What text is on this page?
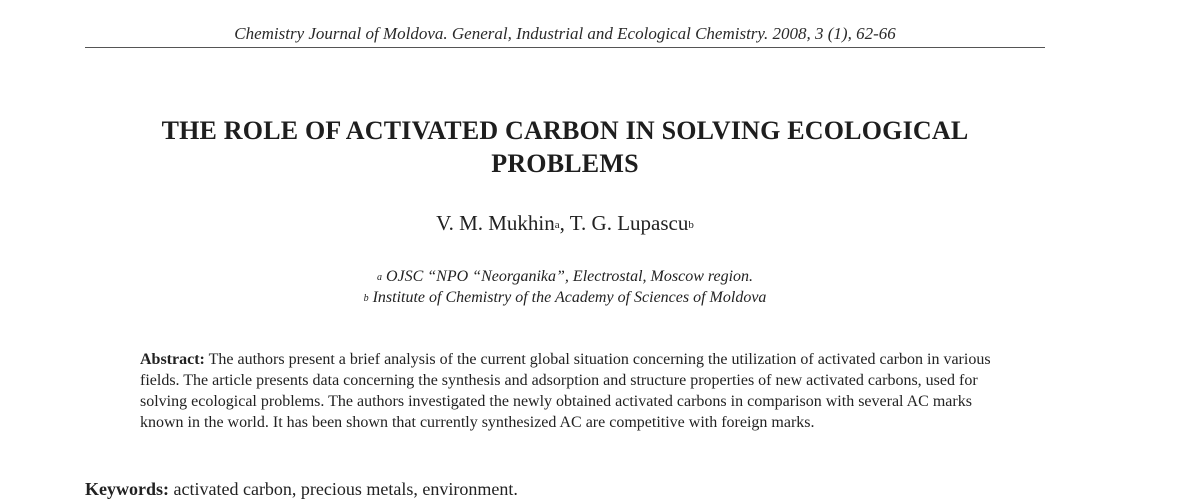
Chemistry Journal of Moldova. General, Industrial and Ecological Chemistry. 2008, 3 (1), 62-66
THE ROLE OF ACTIVATED CARBON IN SOLVING ECOLOGICAL
PROBLEMS
V. M. Mukhin$^a$, T. G. Lupascu$^b$
$^a$ OJSC “NPO “Neorganika”, Electrostal, Moscow region.
$^b$ Institute of Chemistry of the Academy of Sciences of Moldova
Abstract: The authors present a brief analysis of the current global situation concerning the utilization of activated carbon in various fields. The article presents data concerning the synthesis and adsorption and structure properties of new activated carbons, used for solving ecological problems. The authors investigated the newly obtained activated carbons in comparison with several AC marks known in the world. It has been shown that currently synthesized AC are competitive with foreign marks.
Keywords: activated carbon, precious metals, environment.
